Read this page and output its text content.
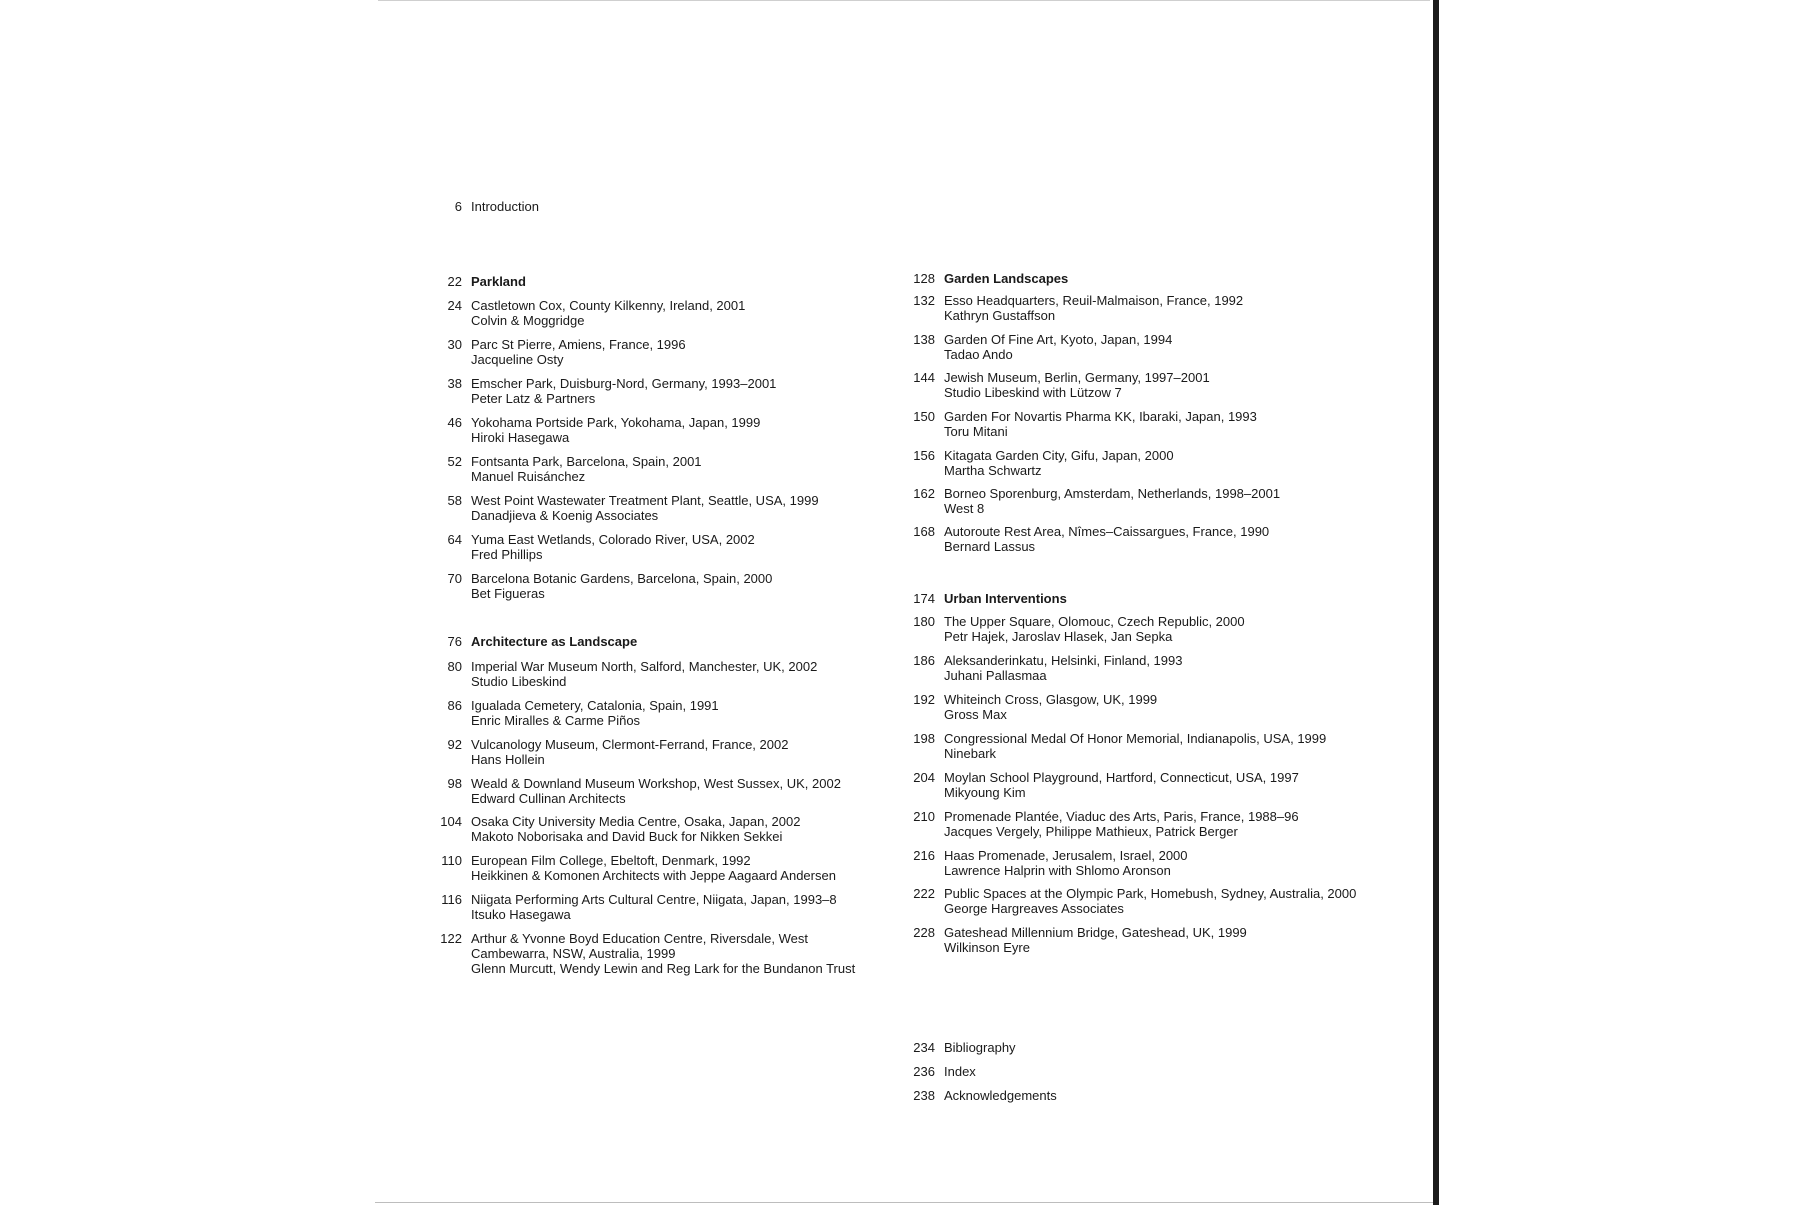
6 Introduction
22 Parkland
24 Castletown Cox, County Kilkenny, Ireland, 2001
Colvin & Moggridge
30 Parc St Pierre, Amiens, France, 1996
Jacqueline Osty
38 Emscher Park, Duisburg-Nord, Germany, 1993–2001
Peter Latz & Partners
46 Yokohama Portside Park, Yokohama, Japan, 1999
Hiroki Hasegawa
52 Fontsanta Park, Barcelona, Spain, 2001
Manuel Ruisánchez
58 West Point Wastewater Treatment Plant, Seattle, USA, 1999
Danadjieva & Koenig Associates
64 Yuma East Wetlands, Colorado River, USA, 2002
Fred Phillips
70 Barcelona Botanic Gardens, Barcelona, Spain, 2000
Bet Figueras
76 Architecture as Landscape
80 Imperial War Museum North, Salford, Manchester, UK, 2002
Studio Libeskind
86 Igualada Cemetery, Catalonia, Spain, 1991
Enric Miralles & Carme Piños
92 Vulcanology Museum, Clermont-Ferrand, France, 2002
Hans Hollein
98 Weald & Downland Museum Workshop, West Sussex, UK, 2002
Edward Cullinan Architects
104 Osaka City University Media Centre, Osaka, Japan, 2002
Makoto Noborisaka and David Buck for Nikken Sekkei
110 European Film College, Ebeltoft, Denmark, 1992
Heikkinen & Komonen Architects with Jeppe Aagaard Andersen
116 Niigata Performing Arts Cultural Centre, Niigata, Japan, 1993–8
Itsuko Hasegawa
122 Arthur & Yvonne Boyd Education Centre, Riversdale, West
Cambewarra, NSW, Australia, 1999
Glenn Murcutt, Wendy Lewin and Reg Lark for the Bundanon Trust
128 Garden Landscapes
132 Esso Headquarters, Reuil-Malmaison, France, 1992
Kathryn Gustaffson
138 Garden Of Fine Art, Kyoto, Japan, 1994
Tadao Ando
144 Jewish Museum, Berlin, Germany, 1997–2001
Studio Libeskind with Lützow 7
150 Garden For Novartis Pharma KK, Ibaraki, Japan, 1993
Toru Mitani
156 Kitagata Garden City, Gifu, Japan, 2000
Martha Schwartz
162 Borneo Sporenburg, Amsterdam, Netherlands, 1998–2001
West 8
168 Autoroute Rest Area, Nîmes–Caissargues, France, 1990
Bernard Lassus
174 Urban Interventions
180 The Upper Square, Olomouc, Czech Republic, 2000
Petr Hajek, Jaroslav Hlasek, Jan Sepka
186 Aleksanderinkatu, Helsinki, Finland, 1993
Juhani Pallasmaa
192 Whiteinch Cross, Glasgow, UK, 1999
Gross Max
198 Congressional Medal Of Honor Memorial, Indianapolis, USA, 1999
Ninebark
204 Moylan School Playground, Hartford, Connecticut, USA, 1997
Mikyoung Kim
210 Promenade Plantée, Viaduc des Arts, Paris, France, 1988–96
Jacques Vergely, Philippe Mathieux, Patrick Berger
216 Haas Promenade, Jerusalem, Israel, 2000
Lawrence Halprin with Shlomo Aronson
222 Public Spaces at the Olympic Park, Homebush, Sydney, Australia, 2000
George Hargreaves Associates
228 Gateshead Millennium Bridge, Gateshead, UK, 1999
Wilkinson Eyre
234 Bibliography
236 Index
238 Acknowledgements
